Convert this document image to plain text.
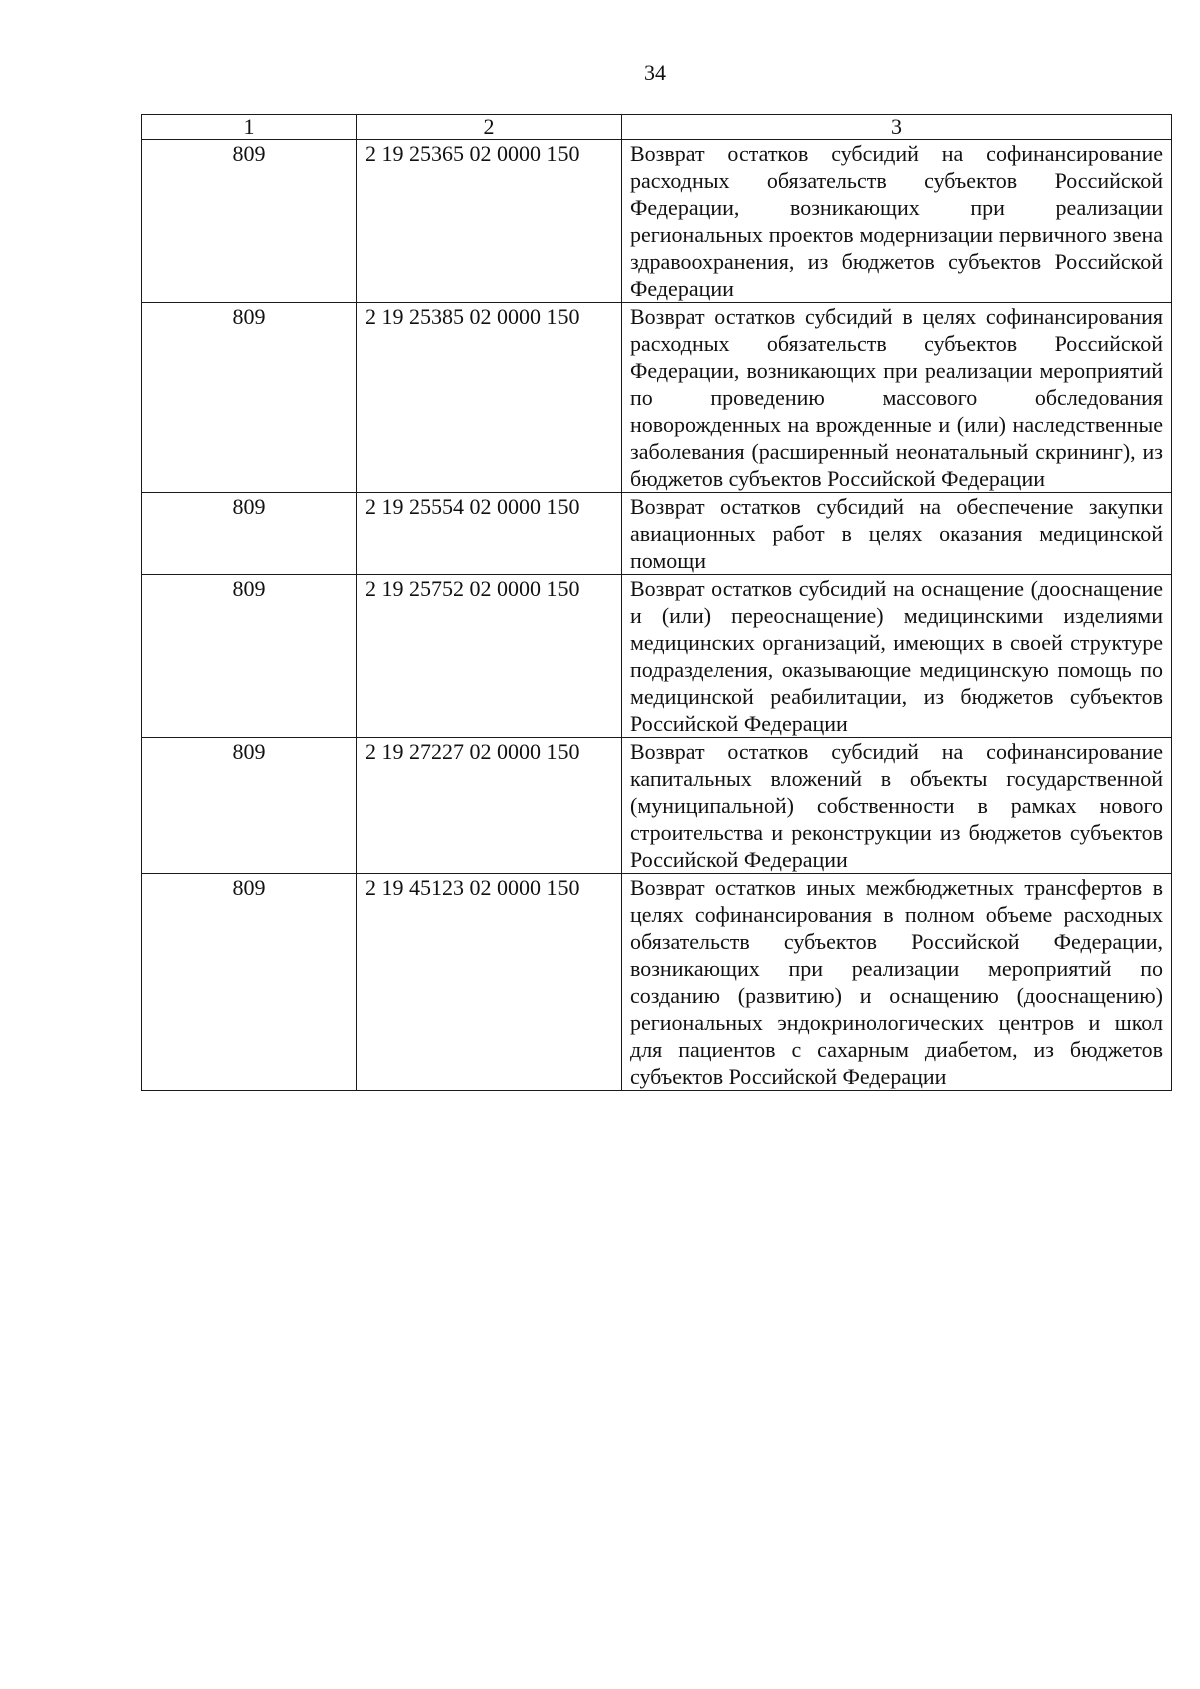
34
1	2	3
809	2 19 25365 02 0000 150	Возврат остатков субсидий на софинансирование расходных обязательств субъектов Российской Федерации, возникающих при реализации региональных проектов модернизации первичного звена здравоохранения, из бюджетов субъектов Российской Федерации
809	2 19 25385 02 0000 150	Возврат остатков субсидий в целях софинансирования расходных обязательств субъектов Российской Федерации, возникающих при реализации мероприятий по проведению массового обследования новорожденных на врожденные и (или) наследственные заболевания (расширенный неонатальный скрининг), из бюджетов субъектов Российской Федерации
809	2 19 25554 02 0000 150	Возврат остатков субсидий на обеспечение закупки авиационных работ в целях оказания медицинской помощи
809	2 19 25752 02 0000 150	Возврат остатков субсидий на оснащение (дооснащение и (или) переоснащение) медицинскими изделиями медицинских организаций, имеющих в своей структуре подразделения, оказывающие медицинскую помощь по медицинской реабилитации, из бюджетов субъектов Российской Федерации
809	2 19 27227 02 0000 150	Возврат остатков субсидий на софинансирование капитальных вложений в объекты государственной (муниципальной) собственности в рамках нового строительства и реконструкции из бюджетов субъектов Российской Федерации
809	2 19 45123 02 0000 150	Возврат остатков иных межбюджетных трансфертов в целях софинансирования в полном объеме расходных обязательств субъектов Российской Федерации, возникающих при реализации мероприятий по созданию (развитию) и оснащению (дооснащению) региональных эндокринологических центров и школ для пациентов с сахарным диабетом, из бюджетов субъектов Российской Федерации
